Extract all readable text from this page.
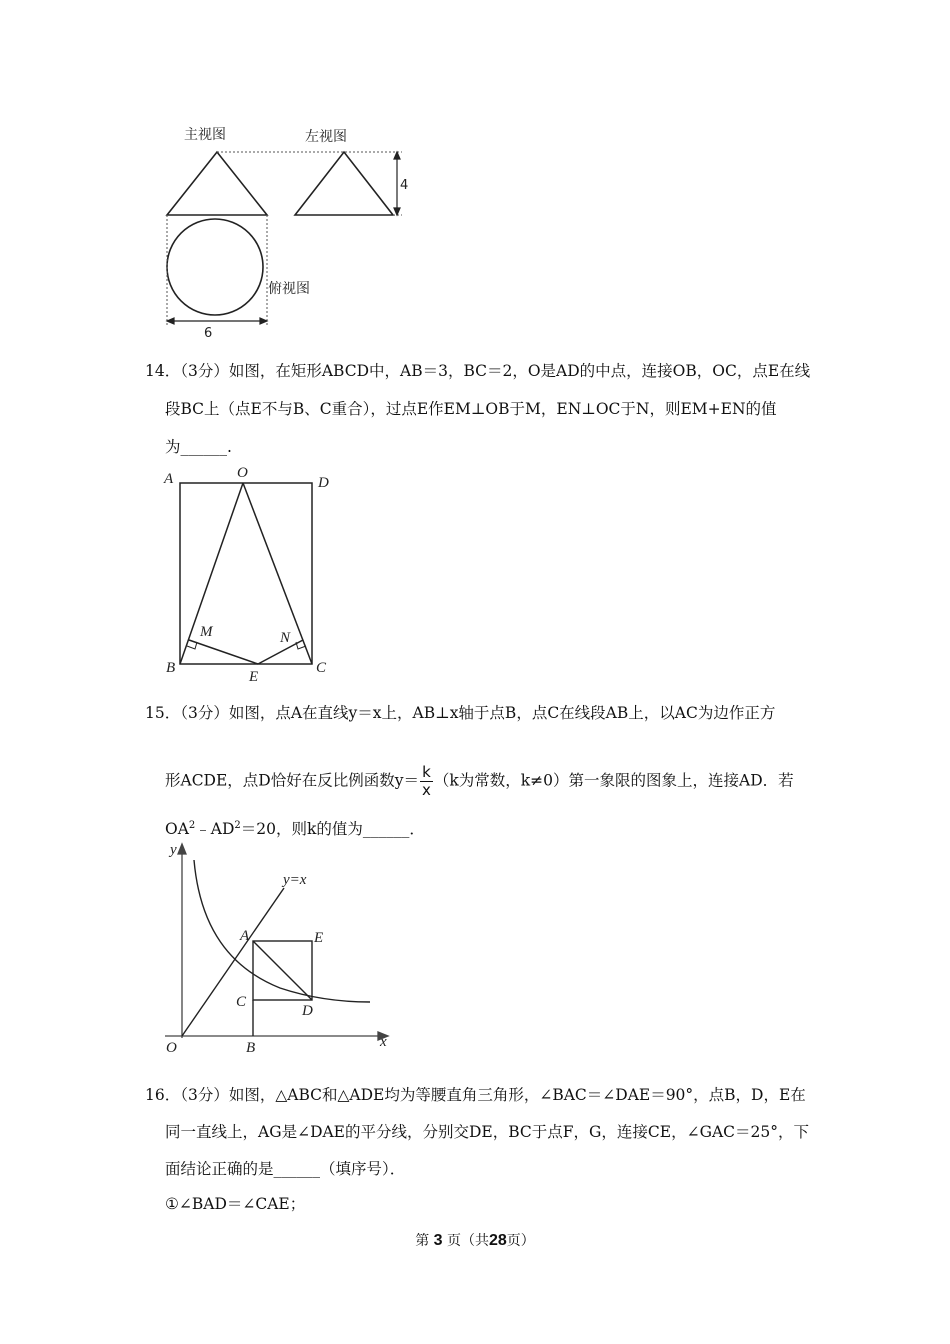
主视图	左视图
俯视图
4
6
14．（3分）如图，在矩形ABCD中，AB＝3，BC＝2，O是AD的中点，连接OB，OC，点E在线
段BC上（点E不与B、C重合），过点E作EM⊥OB于M，EN⊥OC于N，则EM+EN的值
为______.
A	O
D
M	N
B
E
C
15．（3分）如图，点A在直线y＝x上，AB⊥x轴于点B，点C在线段AB上，以AC为边作正方
形ACDE，点D恰好在反比例函数$y= \frac{k}{x} (k$为常数，k≠0）第一象限的图象上，连接AD．若
$OA^2﹣AD^2=20$，则k的值为______．
y
y=x
A	E
C
D
O	B	x
16．（3分）如图，△ABC和△ADE均为等腰直角三角形，∠BAC＝∠DAE＝90°，点B，D，E在
同一直线上，AG是∠DAE的平分线，分别交DE，BC于点F，G，连接CE，∠GAC＝25°，下
面结论正确的是______（填序号）．
①∠BAD＝∠CAE；
第 3 页（共28页）
